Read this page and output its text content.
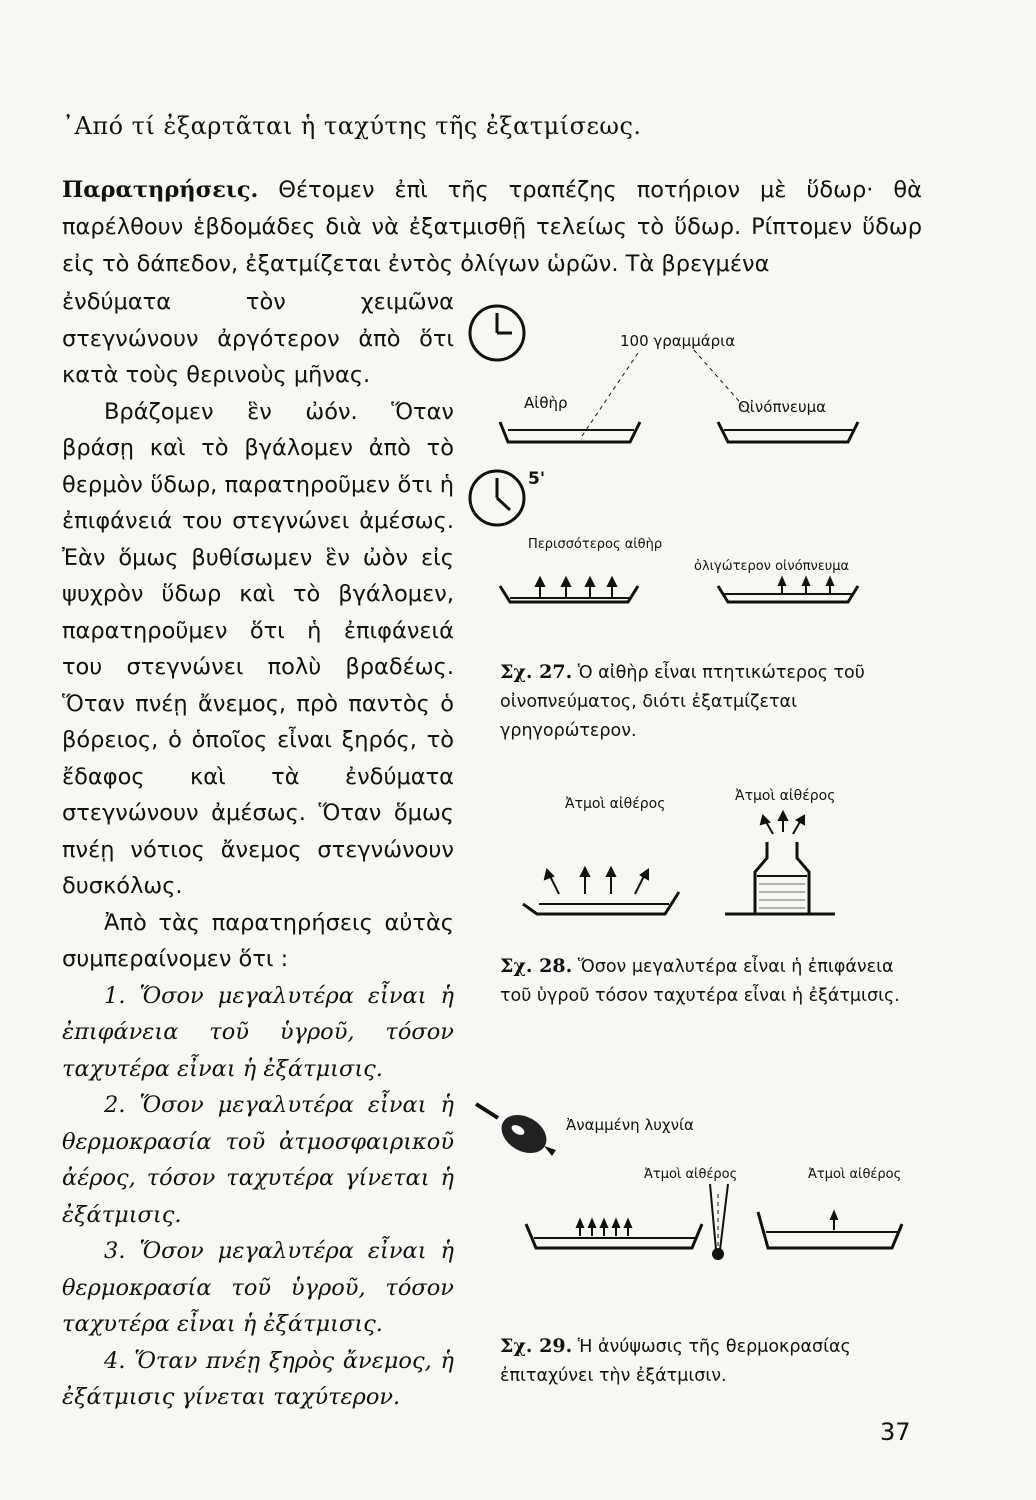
᾿Από τί ἐξαρτᾶται ἡ ταχύτης τῆς ἐξατμίσεως.
Παρατηρήσεις. Θέτομεν ἐπὶ τῆς τραπέζης ποτήριον μὲ ὕδωρ· θὰ παρέλθουν ἑβδομάδες διὰ νὰ ἐξατμισθῇ τελείως τὸ ὕδωρ. Ρίπτομεν ὕδωρ εἰς τὸ δάπεδον, ἐξατμίζεται ἐντὸς ὀλίγων ὡρῶν. Τὰ βρεγμένα

ἐνδύματα τὸν χειμῶνα στεγνώνουν ἀργότερον ἀπὸ ὅτι κατὰ τοὺς θερινοὺς μῆνας.

Βράζομεν ἓν ὠόν. Ὅταν βράσῃ καὶ τὸ βγάλομεν ἀπὸ τὸ θερμὸν ὕδωρ, παρατηροῦμεν ὅτι ἡ ἐπιφάνειά του στεγνώνει ἀμέσως. Ἐὰν ὅμως βυθίσωμεν ἓν ὠὸν εἰς ψυχρὸν ὕδωρ καὶ τὸ βγάλομεν, παρατηροῦμεν ὅτι ἡ ἐπιφάνειά του στεγνώνει πολὺ βραδέως. Ὅταν πνέῃ ἄνεμος, πρὸ παντὸς ὁ βόρειος, ὁ ὁποῖος εἶναι ξηρός, τὸ ἔδαφος καὶ τὰ ἐνδύματα στεγνώνουν ἀμέσως. Ὅταν ὅμως πνέῃ νότιος ἄνεμος στεγνώνουν δυσκόλως.

Ἀπὸ τὰς παρατηρήσεις αὐτὰς συμπεραίνομεν ὅτι :

1. Ὅσον μεγαλυτέρα εἶναι ἡ ἐπιφάνεια τοῦ ὑγροῦ, τόσον ταχυτέρα εἶναι ἡ ἐξάτμισις.

2. Ὅσον μεγαλυτέρα εἶναι ἡ θερμοκρασία τοῦ ἀτμοσφαιρικοῦ ἀέρος, τόσον ταχυτέρα γίνεται ἡ ἐξάτμισις.

3. Ὅσον μεγαλυτέρα εἶναι ἡ θερμοκρασία τοῦ ὑγροῦ, τόσον ταχυτέρα εἶναι ἡ ἐξάτμισις.

4. Ὅταν πνέῃ ξηρὸς ἄνεμος, ἡ ἐξάτμισις γίνεται ταχύτερον.

100 γραμμάρια
Αἰθὴρ	Οἰνόπνευμα
5'
Περισσότερος αἰθὴρ
ὀλιγώτερον οἰνόπνευμα
Σχ. 27. Ὁ αἰθὴρ εἶναι πτητικώτερος τοῦ οἰνοπνεύματος, διότι ἐξατμίζεται γρηγορώτερον.
Ἀτμοὶ αἰθέρος	Ἀτμοὶ αἰθέρος
Σχ. 28. Ὅσον μεγαλυτέρα εἶναι ἡ ἐπιφάνεια τοῦ ὑγροῦ τόσον ταχυτέρα εἶναι ἡ ἐξάτμισις.
Ἀναμμένη λυχνία
Ἀτμοὶ αἰθέρος	Ἀτμοὶ αἰθέρος
Σχ. 29. Ἡ ἀνύψωσις τῆς θερμοκρασίας ἐπιταχύνει τὴν ἐξάτμισιν.
37
